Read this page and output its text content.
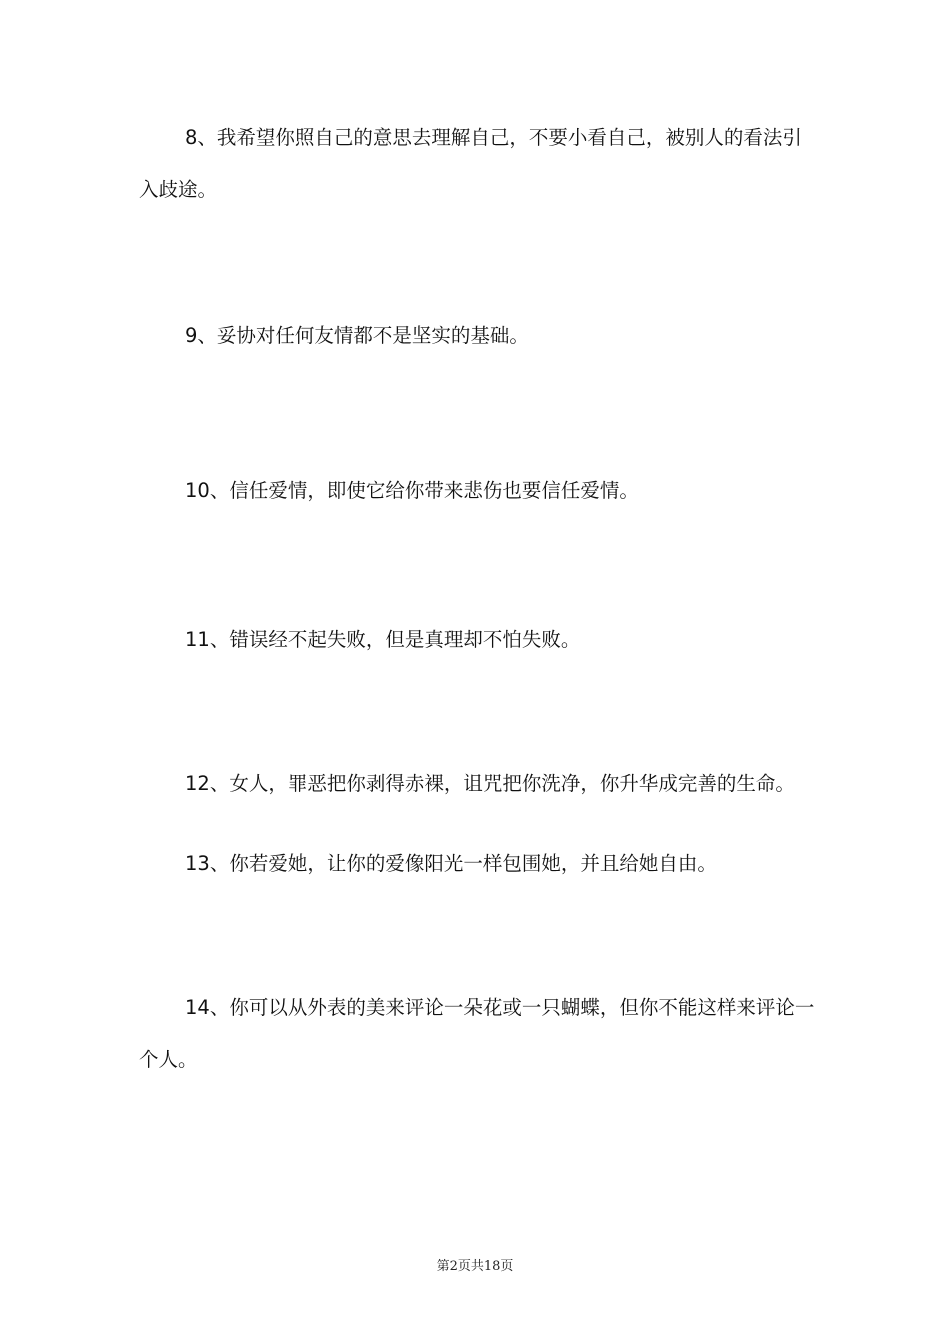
8、我希望你照自己的意思去理解自己，不要小看自己，被别人的看法引入歧途。

9、妥协对任何友情都不是坚实的基础。

10、信任爱情，即使它给你带来悲伤也要信任爱情。

11、错误经不起失败，但是真理却不怕失败。

12、女人，罪恶把你剥得赤裸，诅咒把你洗净，你升华成完善的生命。

13、你若爱她，让你的爱像阳光一样包围她，并且给她自由。

14、你可以从外表的美来评论一朵花或一只蝴蝶，但你不能这样来评论一个人。

第2页共18页
